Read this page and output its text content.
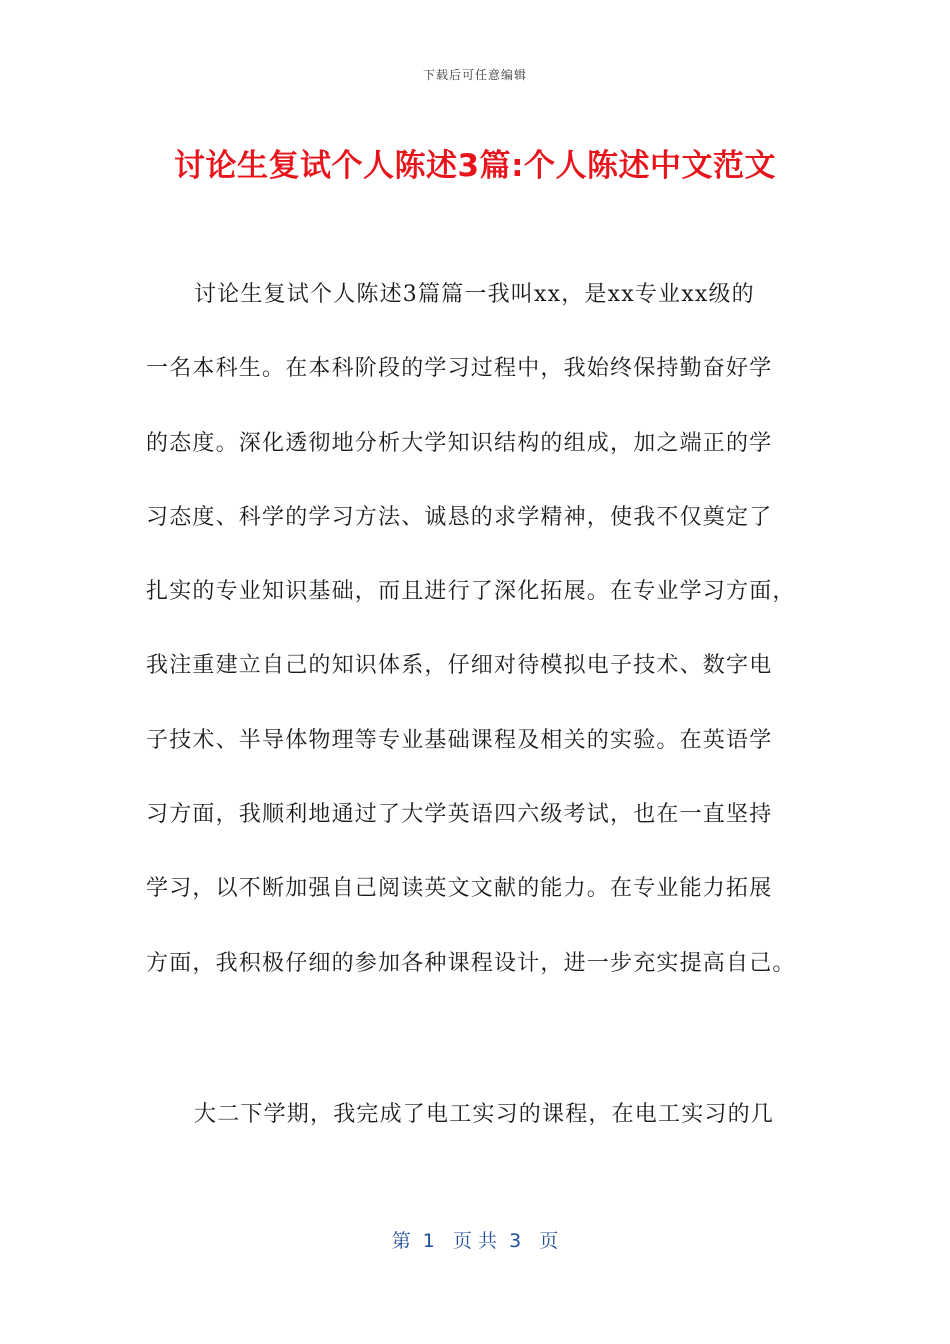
下载后可任意编辑
讨论生复试个人陈述3篇:个人陈述中文范文
讨论生复试个人陈述3篇篇一我叫xx，是xx专业xx级的
一名本科生。在本科阶段的学习过程中，我始终保持勤奋好学
的态度。深化透彻地分析大学知识结构的组成，加之端正的学
习态度、科学的学习方法、诚恳的求学精神，使我不仅奠定了
扎实的专业知识基础，而且进行了深化拓展。在专业学习方面，
我注重建立自己的知识体系，仔细对待模拟电子技术、数字电
子技术、半导体物理等专业基础课程及相关的实验。在英语学
习方面，我顺利地通过了大学英语四六级考试，也在一直坚持
学习，以不断加强自己阅读英文文献的能力。在专业能力拓展
方面，我积极仔细的参加各种课程设计，进一步充实提高自己。
大二下学期，我完成了电工实习的课程，在电工实习的几
第  1   页 共  3   页
